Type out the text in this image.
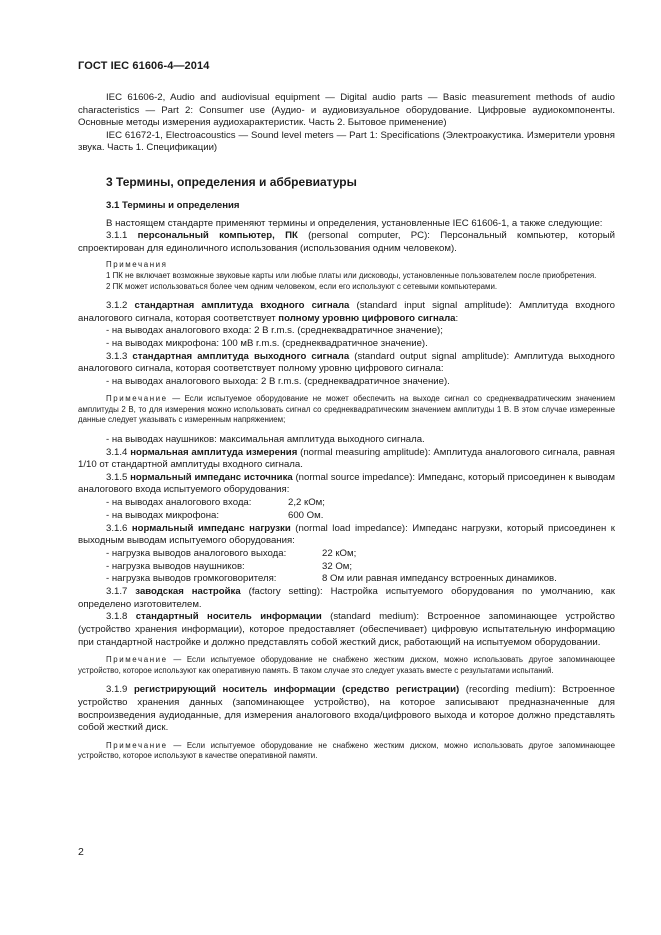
ГОСТ IEC 61606-4—2014

IEC 61606-2, Audio and audiovisual equipment — Digital audio parts — Basic measurement methods of audio characteristics — Part 2: Consumer use (Аудио- и аудиовизуальное оборудование. Цифровые аудиокомпоненты. Основные методы измерения аудиохарактеристик. Часть 2. Бытовое применение)

IEC 61672-1, Electroacoustics — Sound level meters — Part 1: Specifications (Электроакустика. Измерители уровня звука. Часть 1. Спецификации)

3 Термины, определения и аббревиатуры

3.1 Термины и определения

В настоящем стандарте применяют термины и определения, установленные IEC 61606-1, а также следующие:

3.1.1 персональный компьютер, ПК (personal computer, PC): Персональный компьютер, который спроектирован для единоличного использования (использования одним человеком).

Примечания

1 ПК не включает возможные звуковые карты или любые платы или дисководы, установленные пользователем после приобретения.

2 ПК может использоваться более чем одним человеком, если его используют с сетевыми компьютерами.

3.1.2 стандартная амплитуда входного сигнала (standard input signal amplitude): Амплитуда входного аналогового сигнала, которая соответствует полному уровню цифрового сигнала:

- на выводах аналогового входа: 2 В r.m.s. (среднеквадратичное значение);

- на выводах микрофона: 100 мВ r.m.s. (среднеквадратичное значение).

3.1.3 стандартная амплитуда выходного сигнала (standard output signal amplitude): Амплитуда выходного аналогового сигнала, которая соответствует полному уровню цифрового сигнала:

- на выводах аналогового выхода: 2 В r.m.s. (среднеквадратичное значение).

Примечание — Если испытуемое оборудование не может обеспечить на выходе сигнал со среднеквадратическим значением амплитуды 2 В, то для измерения можно использовать сигнал со среднеквадратическим значением амплитуды 1 В. В этом случае измеренные данные следует указывать с измеренным напряжением;

- на выводах наушников: максимальная амплитуда выходного сигнала.

3.1.4 нормальная амплитуда измерения (normal measuring amplitude): Амплитуда аналогового сигнала, равная 1/10 от стандартной амплитуды входного сигнала.

3.1.5 нормальный импеданс источника (normal source impedance): Импеданс, который присоединен к выводам аналогового входа испытуемого оборудования:

- на выводах аналогового входа:	2,2 кОм;
- на выводах микрофона:	600 Ом.

3.1.6 нормальный импеданс нагрузки (normal load impedance): Импеданс нагрузки, который присоединен к выходным выводам испытуемого оборудования:

- нагрузка выводов аналогового выхода:	22 кОм;
- нагрузка выводов наушников:	32 Ом;
- нагрузка выводов громкоговорителя:	8 Ом или равная импедансу встроенных динамиков.

3.1.7 заводская настройка (factory setting): Настройка испытуемого оборудования по умолчанию, как определено изготовителем.

3.1.8 стандартный носитель информации (standard medium): Встроенное запоминающее устройство (устройство хранения информации), которое предоставляет (обеспечивает) цифровую испытательную информацию при стандартной настройке и должно представлять собой жесткий диск, работающий на испытуемом оборудовании.

Примечание — Если испытуемое оборудование не снабжено жестким диском, можно использовать другое запоминающее устройство, которое используют как оперативную память. В таком случае это следует указать вместе с результатами испытаний.

3.1.9 регистрирующий носитель информации (средство регистрации) (recording medium): Встроенное устройство хранения данных (запоминающее устройство), на которое записывают предназначенные для воспроизведения аудиоданные, для измерения аналогового входа/цифрового выхода и которое должно представлять собой жесткий диск.

Примечание — Если испытуемое оборудование не снабжено жестким диском, можно использовать другое запоминающее устройство, которое используют в качестве оперативной памяти.

2
